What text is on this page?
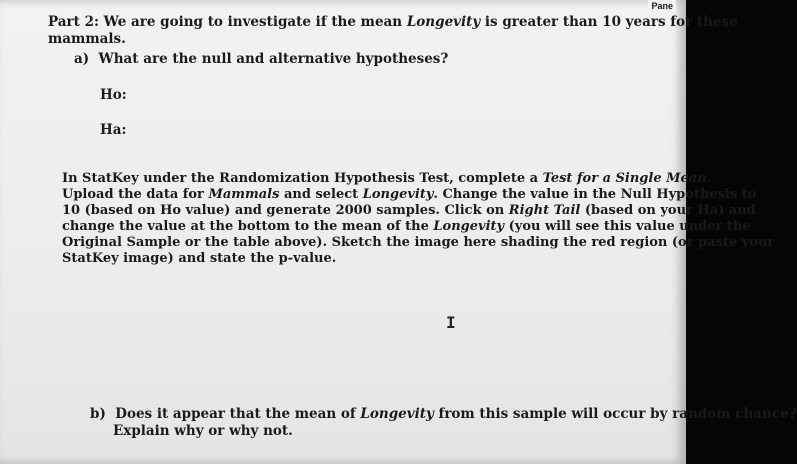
Pane
Part 2: We are going to investigate if the mean Longevity is greater than 10 years for these
mammals.
a) What are the null and alternative hypotheses?
Ho:
Ha:
In StatKey under the Randomization Hypothesis Test, complete a Test for a Single Mean.
Upload the data for Mammals and select Longevity. Change the value in the Null Hypothesis to
10 (based on Ho value) and generate 2000 samples. Click on Right Tail (based on your Ha) and
change the value at the bottom to the mean of the Longevity (you will see this value under the
Original Sample or the table above). Sketch the image here shading the red region (or paste your
StatKey image) and state the p-value.
I
b) Does it appear that the mean of Longevity from this sample will occur by random chance?
Explain why or why not.
